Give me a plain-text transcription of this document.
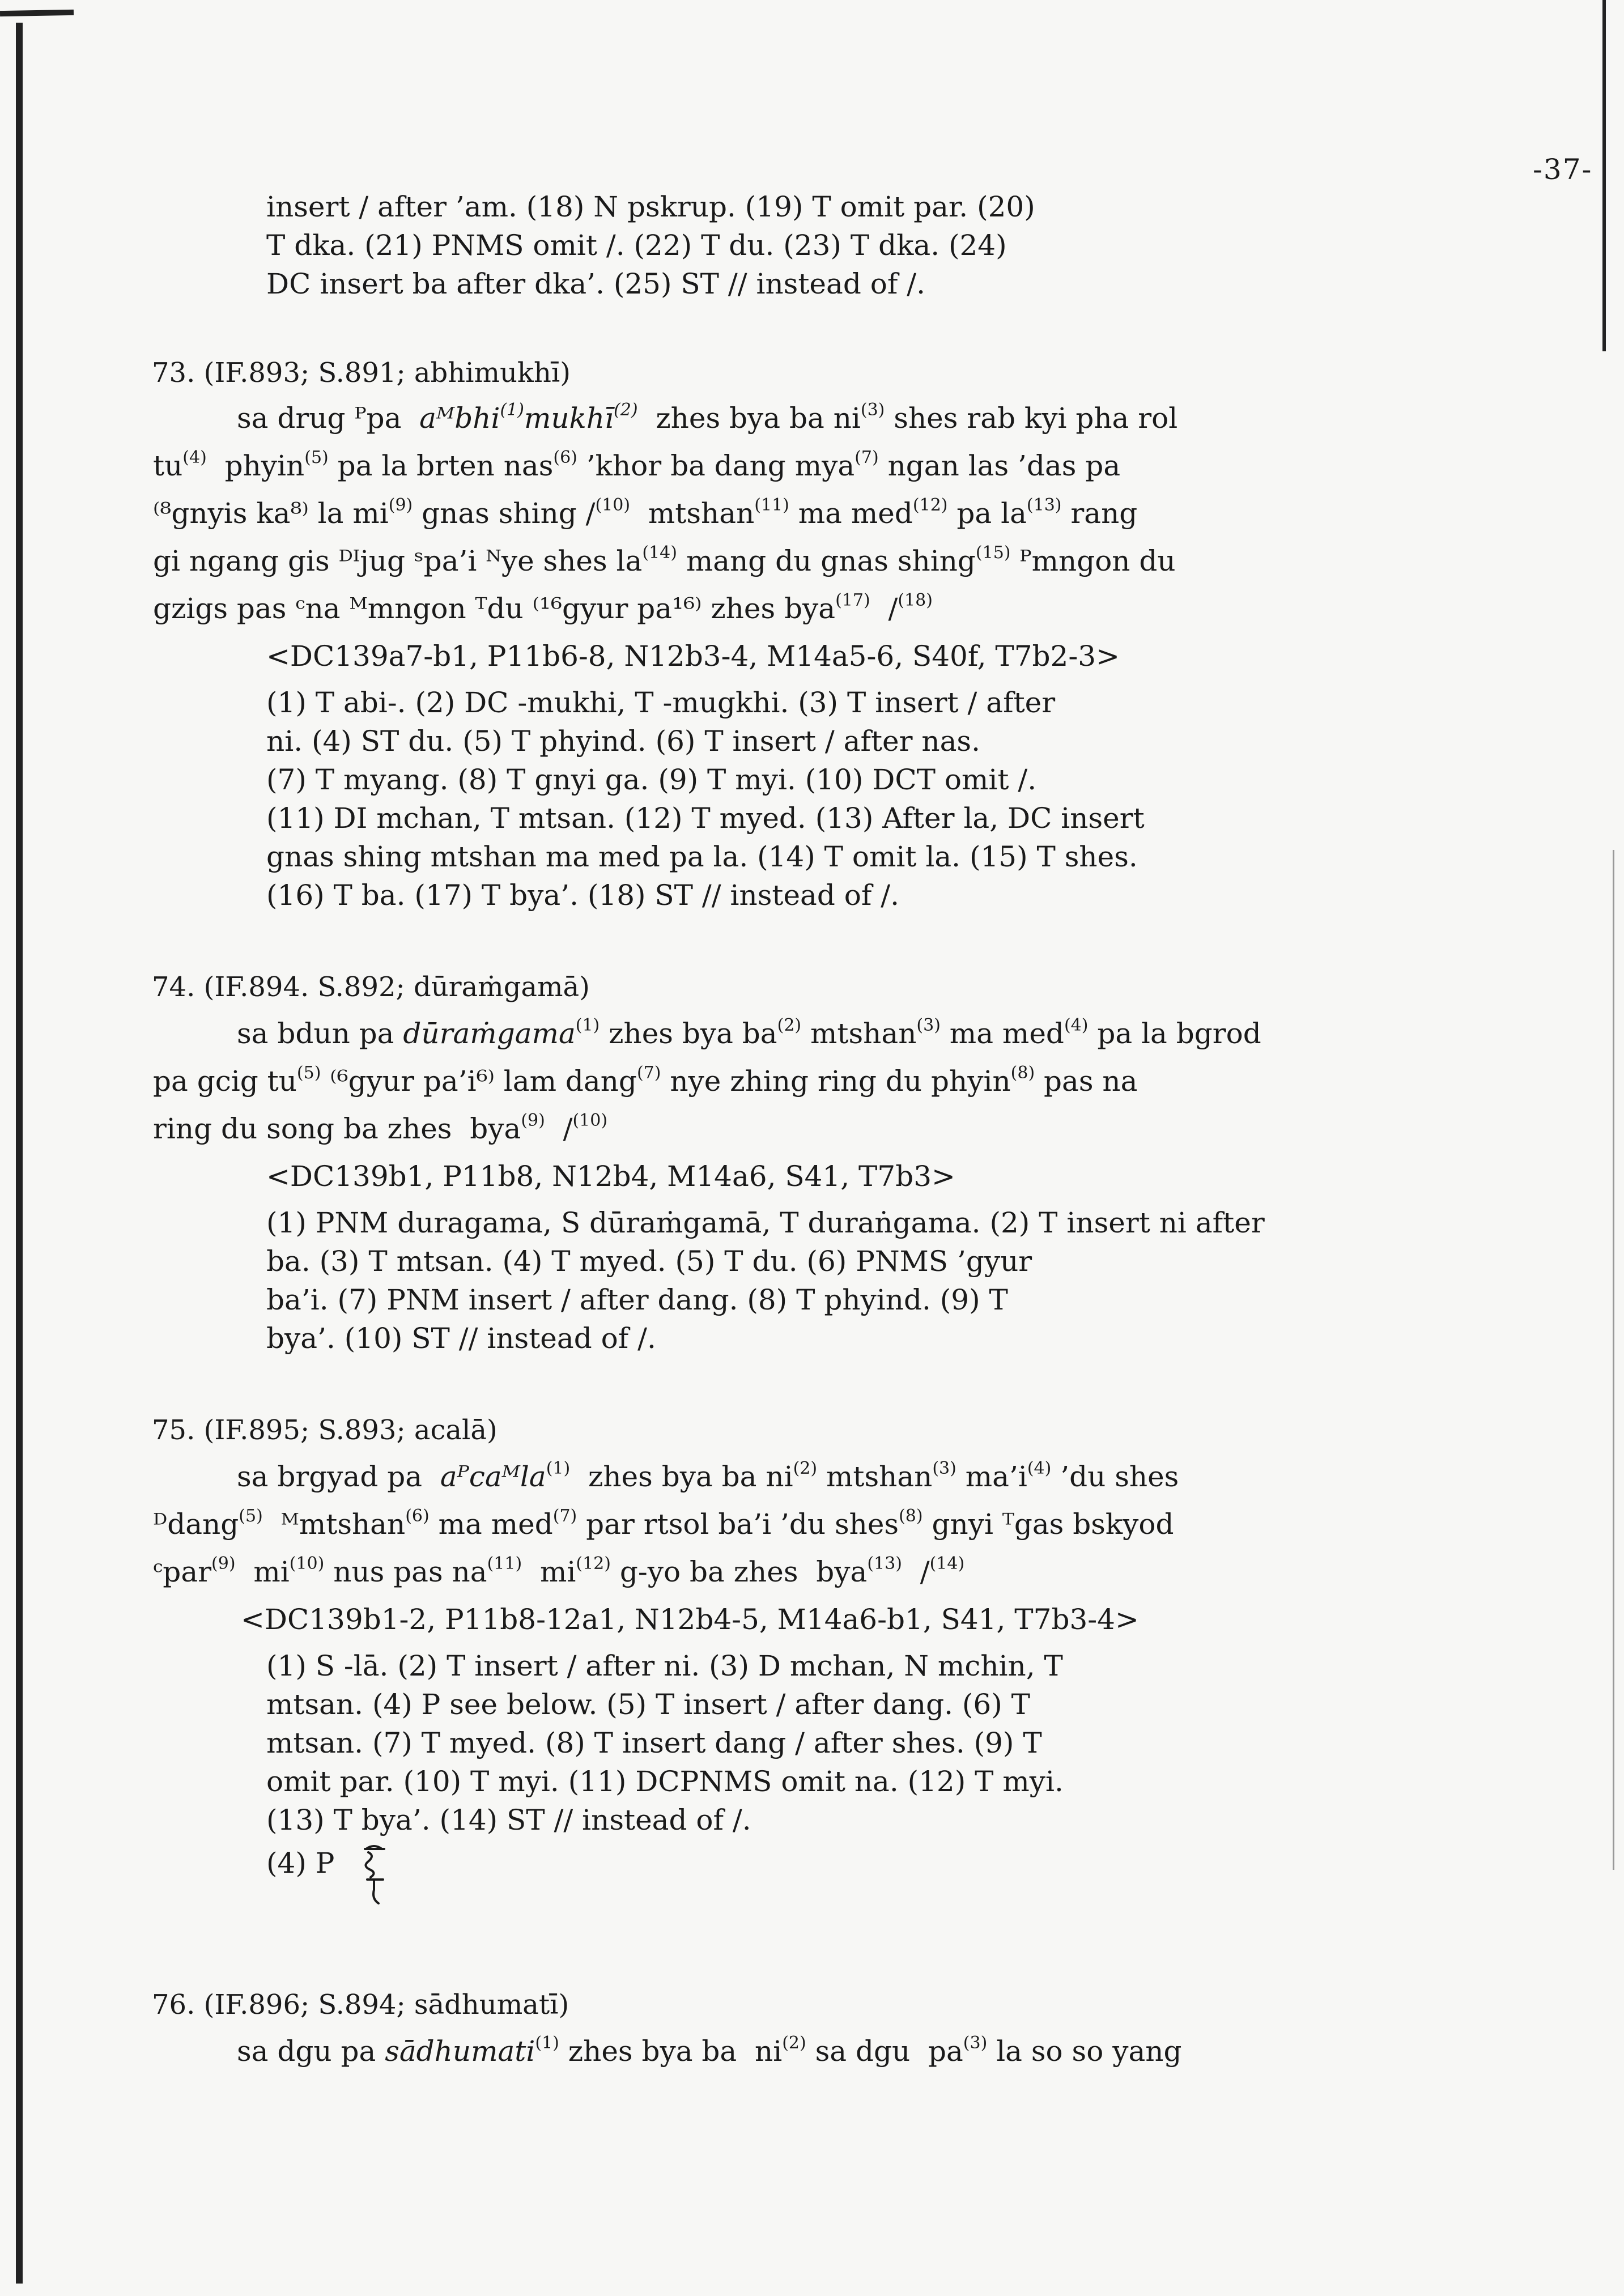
-37-
insert / after ’am. (18) N pskrup. (19) T omit par. (20)
T dka. (21) PNMS omit /. (22) T du. (23) T dka. (24)
DC insert ba after dka’. (25) ST // instead of /.
73. (IF.893; S.891; abhimukhī)
sa drug ᴾpa  aᴹbhi$^{(1)}$mukhī$^{(2)}$  zhes bya ba $ni^{(3)}$ shes rab kyi pha rol
$tu^{(4)}$  phyin$^{(5)}$ pa la brten nas$^{(6)}$ ’khor ba dang mya$^{(7)}$ ngan las ’das pa
⁽⁸gnyis ka⁸⁾ la $mi^{(9)}$ gnas shing /$^{(10)}$  mtshan$^{(11)}$ ma med$^{(12)}$ pa $la^{(13)}$ rang
gi ngang gis ᴰᴵjug ˢpa’i ᴺye shes $la^{(14)}$ mang du gnas shing$^{(15)}$ ᴾmngon du
gzigs pas ᶜna ᴹmngon ᵀdu ⁽¹⁶gyur pa¹⁶⁾ zhes bya$^{(17)}$  /$^{(18)}$
<DC139a7-b1, P11b6-8, N12b3-4, M14a5-6, S40f, T7b2-3>
(1) T abi-. (2) DC -mukhi, T -mugkhi. (3) T insert / after
ni. (4) ST du. (5) T phyind. (6) T insert / after nas.
(7) T myang. (8) T gnyi ga. (9) T myi. (10) DCT omit /.
(11) DI mchan, T mtsan. (12) T myed. (13) After la, DC insert
gnas shing mtshan ma med pa la. (14) T omit la. (15) T shes.
(16) T ba. (17) T bya’. (18) ST // instead of /.
74. (IF.894. S.892; dūraṁgamā)
sa bdun pa dūraṁgama$^{(1)}$ zhes bya $ba^{(2)}$ mtshan$^{(3)}$ ma med$^{(4)}$ pa la bgrod
pa gcig $tu^{(5)}$ ⁽⁶gyur pa’i⁶⁾ lam dang$^{(7)}$ nye zhing ring du phyin$^{(8)}$ pas na
ring du song ba zhes  bya$^{(9)}$  /$^{(10)}$
<DC139b1, P11b8, N12b4, M14a6, S41, T7b3>
(1) PNM duragama, S dūraṁgamā, T duraṅgama. (2) T insert ni after
ba. (3) T mtsan. (4) T myed. (5) T du. (6) PNMS ’gyur
ba’i. (7) PNM insert / after dang. (8) T phyind. (9) T
bya’. (10) ST // instead of /.
75. (IF.895; S.893; acalā)
sa brgyad pa  aᴾcaᴹla$^{(1)}$  zhes bya ba $ni^{(2)}$ mtshan$^{(3)}$ $ma’i^{(4)}$ ’du shes
ᴰdang$^{(5)}$  ᴹmtshan$^{(6)}$ ma med$^{(7)}$ par rtsol ba’i ’du shes$^{(8)}$ gnyi ᵀgas bskyod
ᶜpar$^{(9)}$  $mi^{(10)}$ nus pas $na^{(11)}$  $mi^{(12)}$ g-yo ba zhes  bya$^{(13)}$  /$^{(14)}$
<DC139b1-2, P11b8-12a1, N12b4-5, M14a6-b1, S41, T7b3-4>
(1) S -lā. (2) T insert / after ni. (3) D mchan, N mchin, T
mtsan. (4) P see below. (5) T insert / after dang. (6) T
mtsan. (7) T myed. (8) T insert dang / after shes. (9) T
omit par. (10) T myi. (11) DCPNMS omit na. (12) T myi.
(13) T bya’. (14) ST // instead of /.
(4) P
76. (IF.896; S.894; sādhumatī)
sa dgu pa sādhumati$^{(1)}$ zhes bya ba  $ni^{(2)}$ sa dgu  $pa^{(3)}$ la so so yang
